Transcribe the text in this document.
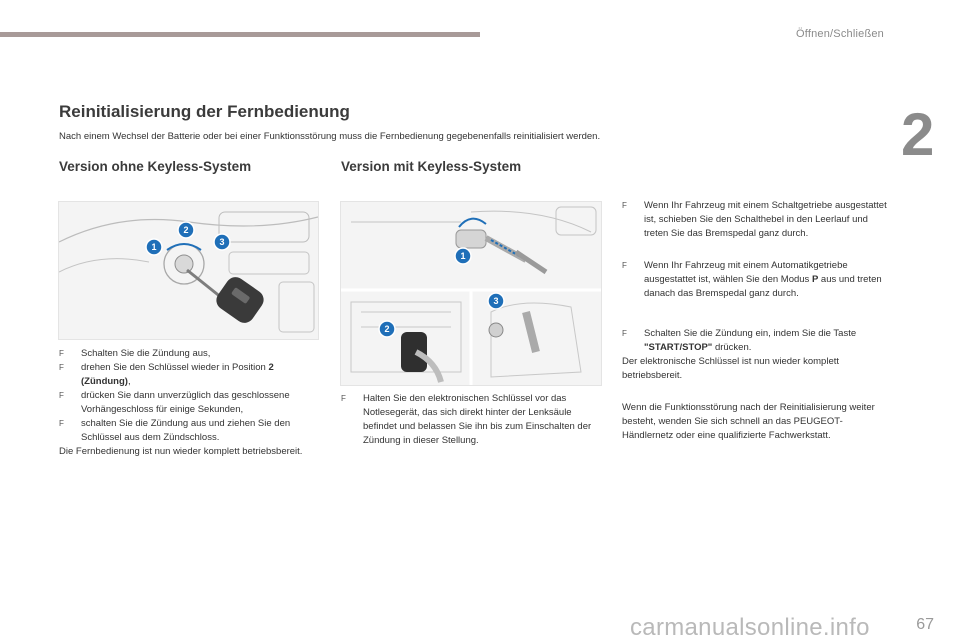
Öffnen/Schließen
2
Reinitialisierung der Fernbedienung
Nach einem Wechsel der Batterie oder bei einer Funktionsstörung muss die Fernbedienung gegebenenfalls reinitialisiert werden.
Version ohne Keyless-System	Version mit Keyless-System
1
2
3
1
2
3

F Schalten Sie die Zündung aus,

F drehen Sie den Schlüssel wieder in Position 2 (Zündung),

F drücken Sie dann unverzüglich das geschlossene Vorhängeschloss für einige Sekunden,

F schalten Sie die Zündung aus und ziehen Sie den Schlüssel aus dem Zündschloss.

Die Fernbedienung ist nun wieder komplett betriebsbereit.

F Halten Sie den elektronischen Schlüssel vor das Notlesegerät, das sich direkt hinter der Lenksäule befindet und belassen Sie ihn bis zum Einschalten der Zündung in dieser Stellung.

F Wenn Ihr Fahrzeug mit einem Schaltgetriebe ausgestattet ist, schieben Sie den Schalthebel in den Leerlauf und treten Sie das Bremspedal ganz durch.

F Wenn Ihr Fahrzeug mit einem Automatikgetriebe ausgestattet ist, wählen Sie den Modus P aus und treten danach das Bremspedal ganz durch.

F Schalten Sie die Zündung ein, indem Sie die Taste "START/STOP" drücken.

Der elektronische Schlüssel ist nun wieder komplett betriebsbereit.

Wenn die Funktionsstörung nach der Reinitialisierung weiter besteht, wenden Sie sich schnell an das PEUGEOT-Händlernetz oder eine qualifizierte Fachwerkstatt.

67
carmanualsonline.info
